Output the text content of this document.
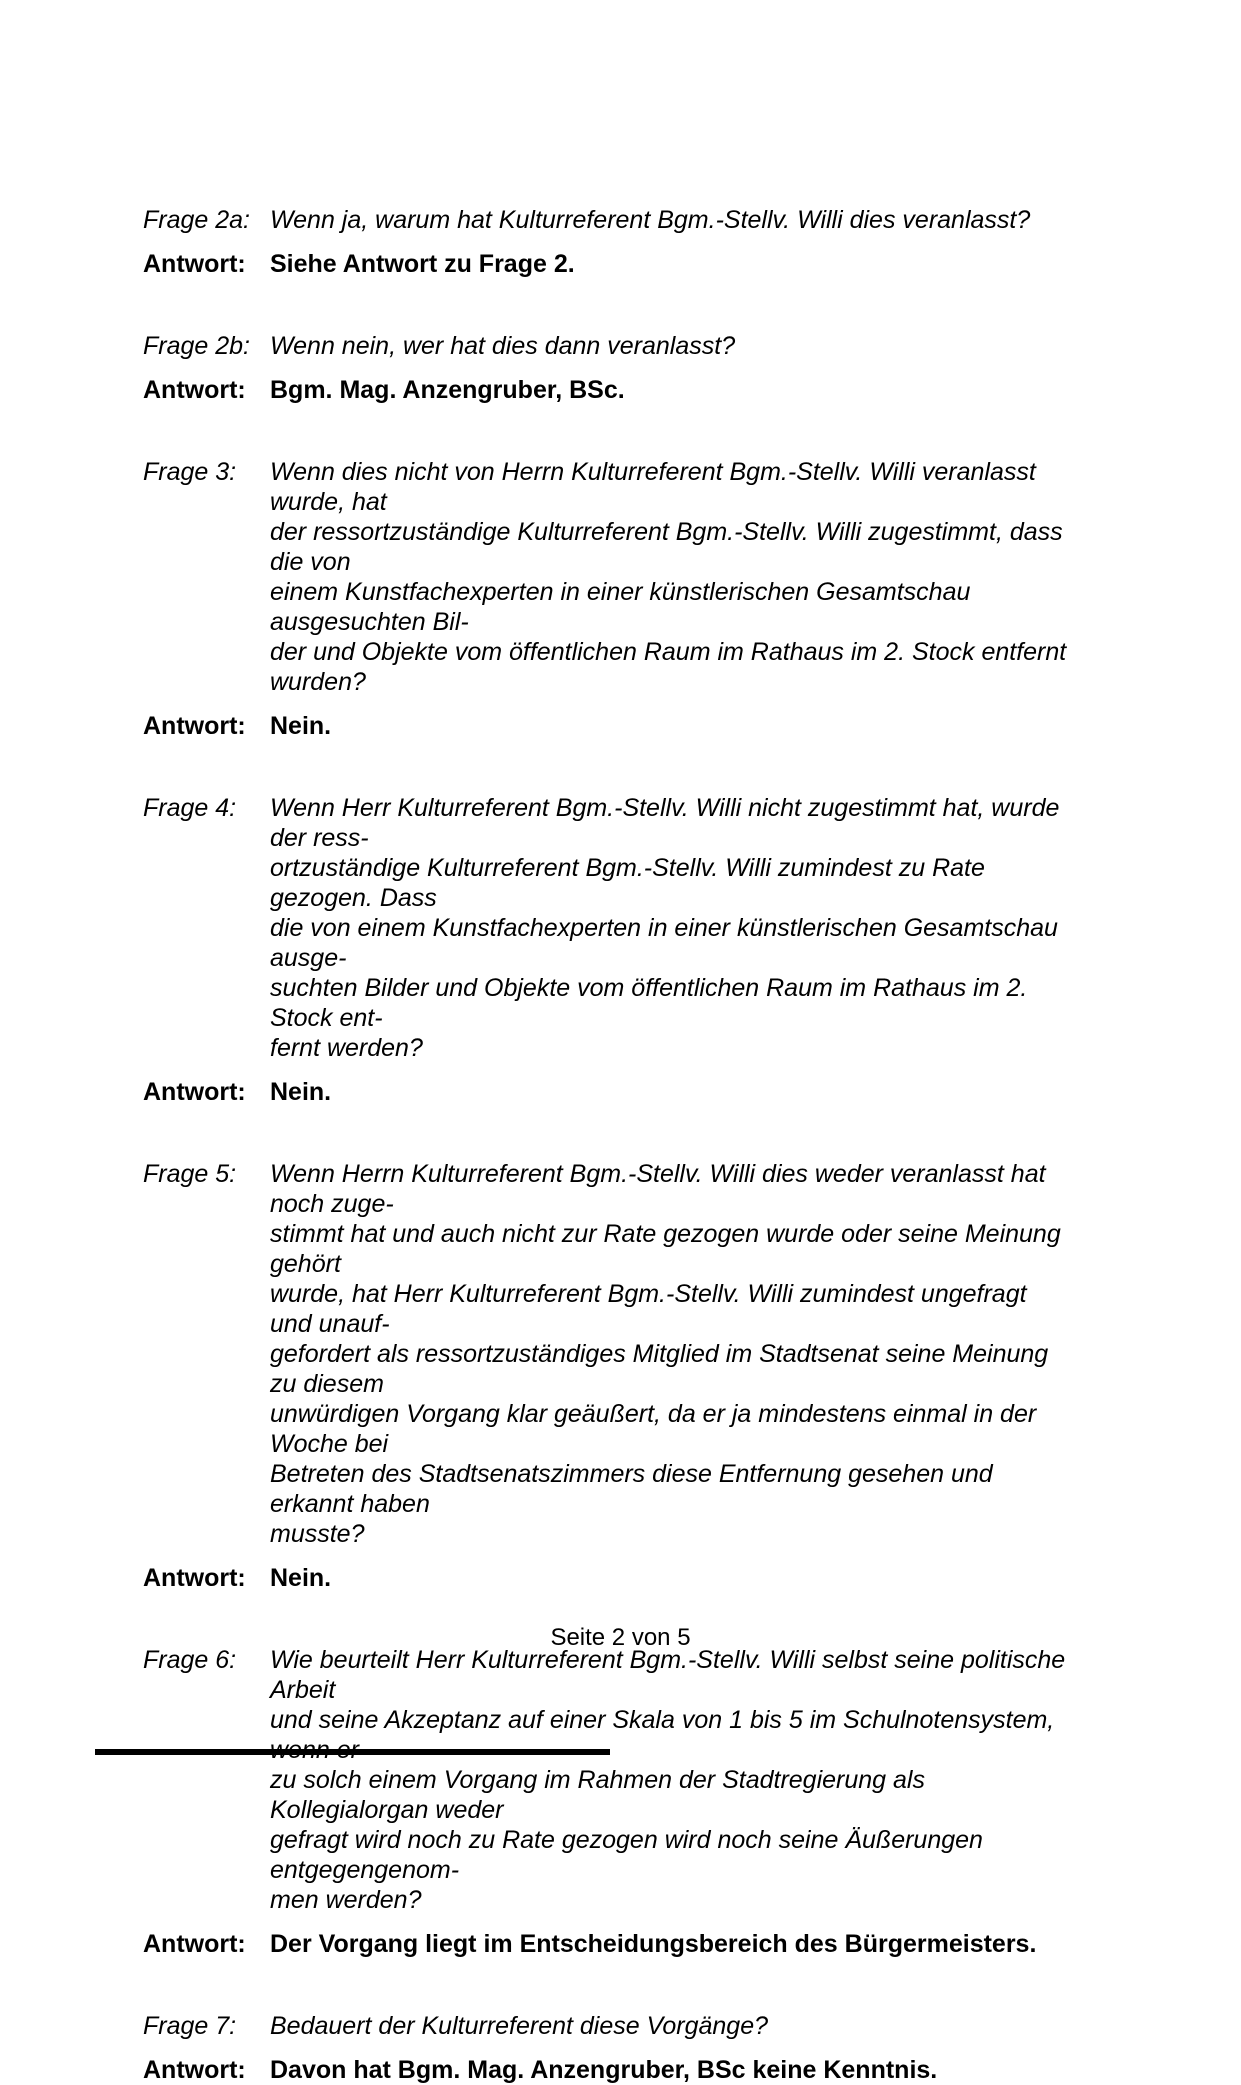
Frage 2a: Wenn ja, warum hat Kulturreferent Bgm.-Stellv. Willi dies veranlasst?
Antwort: Siehe Antwort zu Frage 2.
Frage 2b: Wenn nein, wer hat dies dann veranlasst?
Antwort: Bgm. Mag. Anzengruber, BSc.
Frage 3:	Wenn dies nicht von Herrn Kulturreferent Bgm.-Stellv. Willi veranlasst wurde, hat
der ressortzuständige Kulturreferent Bgm.-Stellv. Willi zugestimmt, dass die von
einem Kunstfachexperten in einer künstlerischen Gesamtschau ausgesuchten Bil-
der und Objekte vom öffentlichen Raum im Rathaus im 2. Stock entfernt wurden?
Antwort: Nein.
Frage 4:	Wenn Herr Kulturreferent Bgm.-Stellv. Willi nicht zugestimmt hat, wurde der ress-
ortzuständige Kulturreferent Bgm.-Stellv. Willi zumindest zu Rate gezogen. Dass
die von einem Kunstfachexperten in einer künstlerischen Gesamtschau ausge-
suchten Bilder und Objekte vom öffentlichen Raum im Rathaus im 2. Stock ent-
fernt werden?
Antwort: Nein.
Frage 5:	Wenn Herrn Kulturreferent Bgm.-Stellv. Willi dies weder veranlasst hat noch zuge-
stimmt hat und auch nicht zur Rate gezogen wurde oder seine Meinung gehört
wurde, hat Herr Kulturreferent Bgm.-Stellv. Willi zumindest ungefragt und unauf-
gefordert als ressortzuständiges Mitglied im Stadtsenat seine Meinung zu diesem
unwürdigen Vorgang klar geäußert, da er ja mindestens einmal in der Woche bei
Betreten des Stadtsenatszimmers diese Entfernung gesehen und erkannt haben
musste?
Antwort: Nein.
Frage 6:	Wie beurteilt Herr Kulturreferent Bgm.-Stellv. Willi selbst seine politische Arbeit
und seine Akzeptanz auf einer Skala von 1 bis 5 im Schulnotensystem,
zu solch einem Vorgang im Rahmen der Stadtregierung als Kollegialorgan weder
gefragt wird noch zu Rate gezogen wird noch seine Äußerungen entgegengenom-
men werden?
Antwort: Der Vorgang liegt im Entscheidungsbereich des Bürgermeisters.
Frage 7:	Bedauert der Kulturreferent diese Vorgänge?
Antwort: Davon hat Bgm. Mag. Anzengruber, BSc keine Kenntnis.
Seite 2 von 5
